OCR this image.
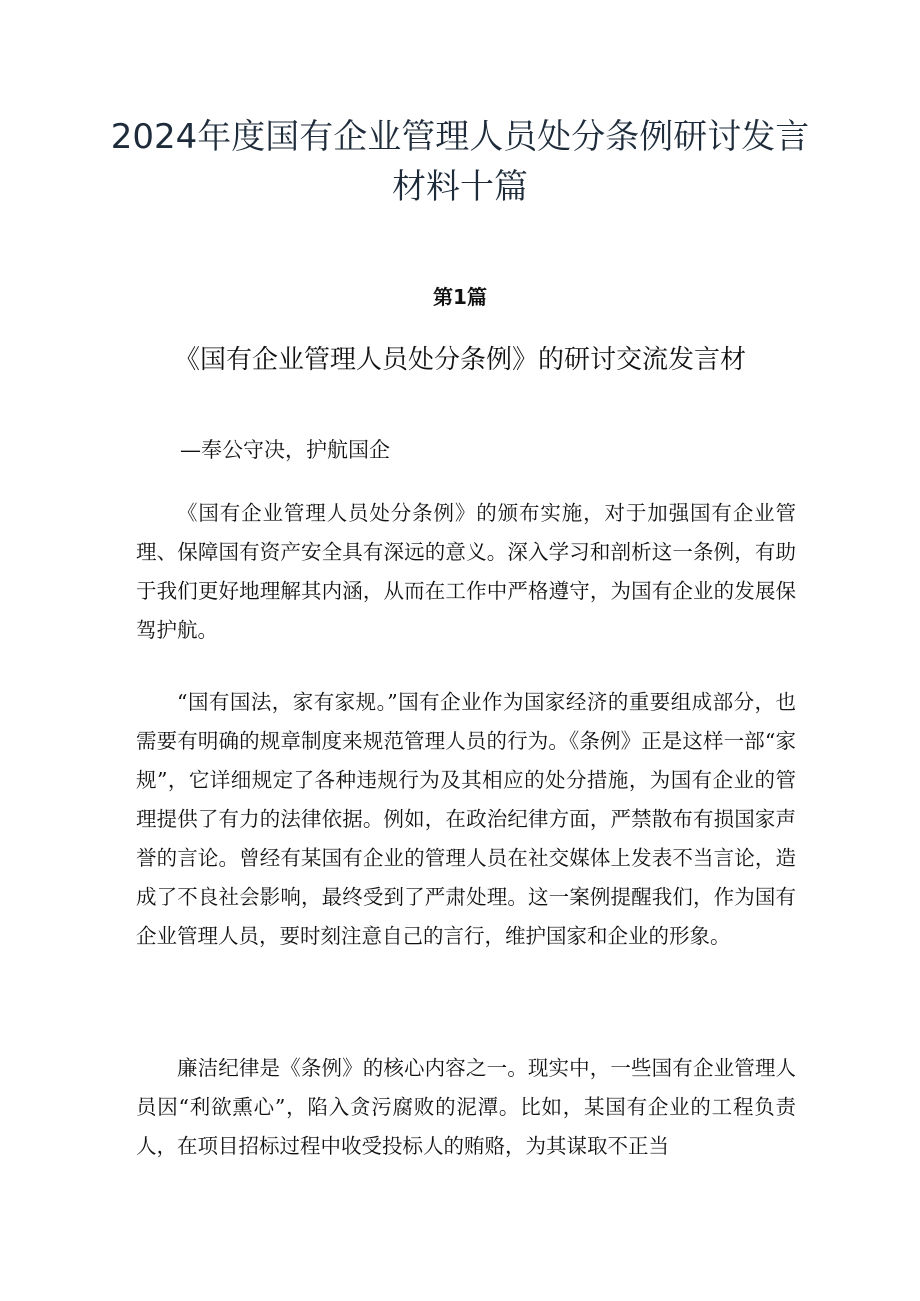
2024年度国有企业管理人员处分条例研讨发言材料十篇
第1篇
《国有企业管理人员处分条例》的研讨交流发言材
—奉公守决，护航国企

《国有企业管理人员处分条例》的颁布实施，对于加强国有企业管理、保障国有资产安全具有深远的意义。深入学习和剖析这一条例，有助于我们更好地理解其内涵，从而在工作中严格遵守，为国有企业的发展保驾护航。

“国有国法，家有家规。”国有企业作为国家经济的重要组成部分，也需要有明确的规章制度来规范管理人员的行为。《条例》正是这样一部“家规”，它详细规定了各种违规行为及其相应的处分措施，为国有企业的管理提供了有力的法律依据。例如，在政治纪律方面，严禁散布有损国家声誉的言论。曾经有某国有企业的管理人员在社交媒体上发表不当言论，造成了不良社会影响，最终受到了严肃处理。这一案例提醒我们，作为国有企业管理人员，要时刻注意自己的言行，维护国家和企业的形象。

廉洁纪律是《条例》的核心内容之一。现实中，一些国有企业管理人员因“利欲熏心”，陷入贪污腐败的泥潭。比如，某国有企业的工程负责人，在项目招标过程中收受投标人的贿赂，为其谋取不正当
